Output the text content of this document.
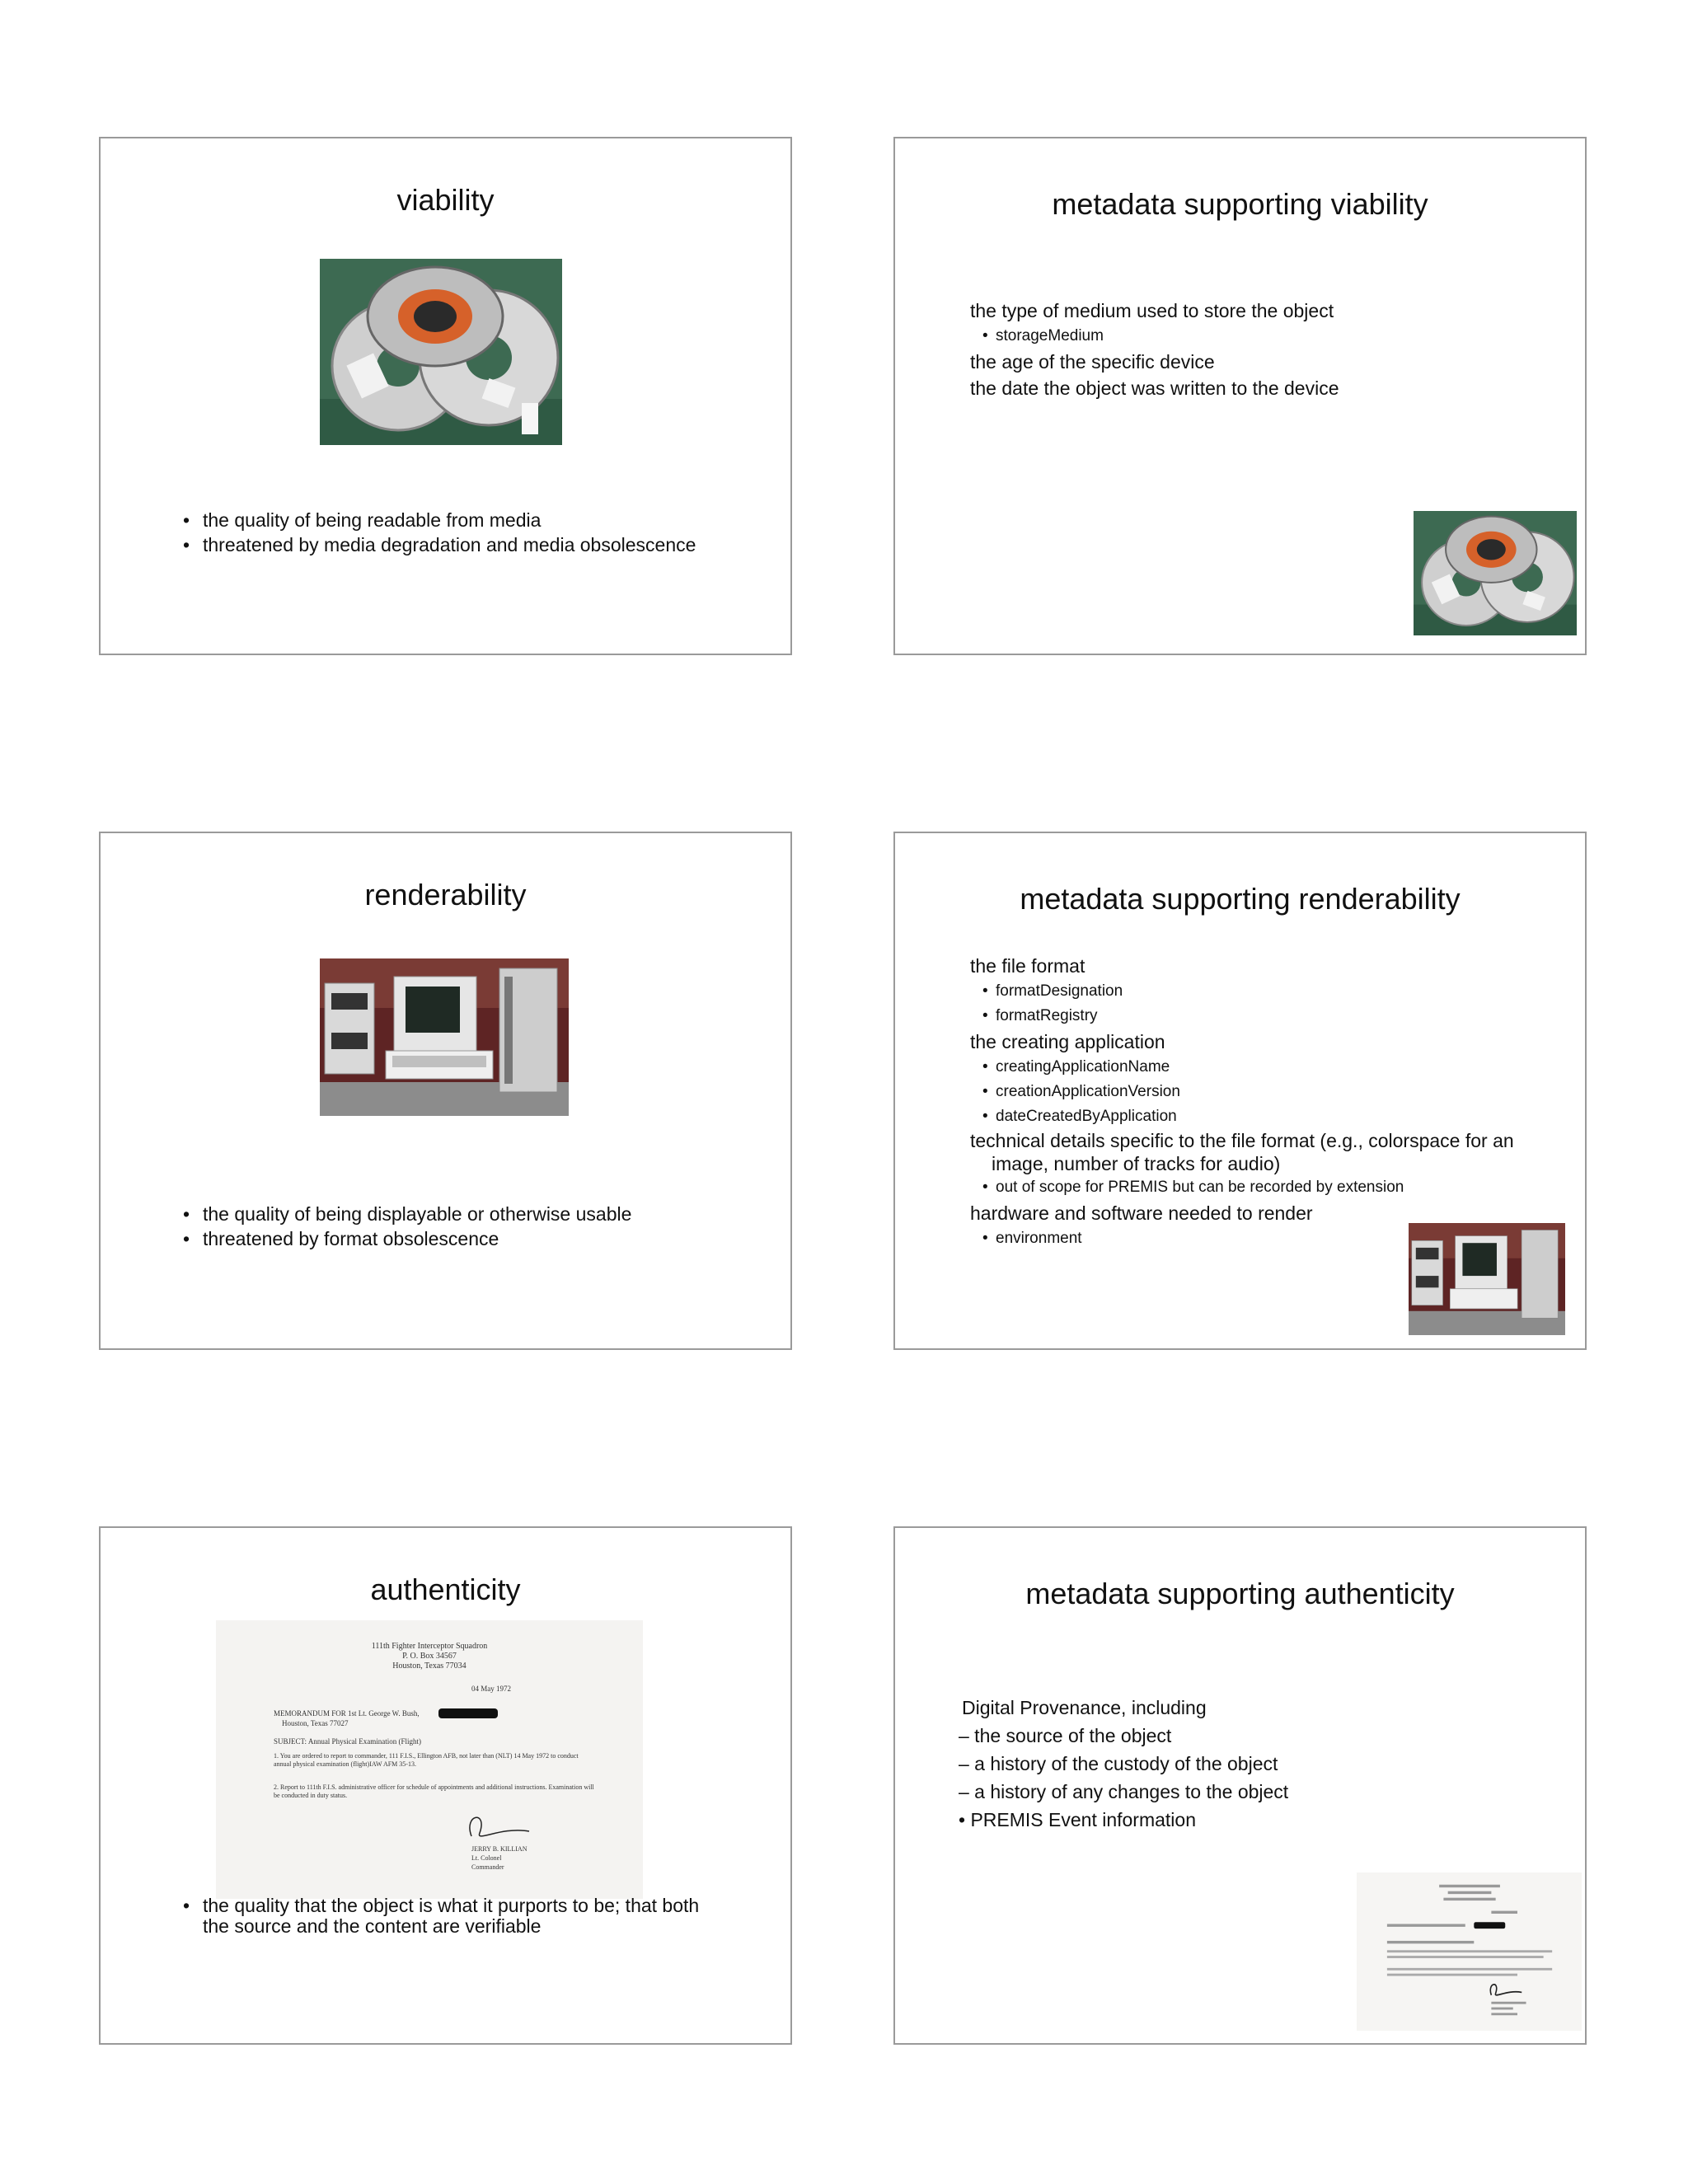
viability
• the quality of being readable from media
• threatened by media degradation and media obsolescence
metadata supporting viability
the type of medium used to store the object
• storageMedium
the age of the specific device
the date the object was written to the device
renderability
• the quality of being displayable or otherwise usable
• threatened by format obsolescence
metadata supporting renderability
the file format
• formatDesignation
• formatRegistry
the creating application
• creatingApplicationName
• creationApplicationVersion
• dateCreatedByApplication
technical details specific to the file format (e.g., colorspace for an image, number of tracks for audio)
• out of scope for PREMIS but can be recorded by extension
hardware and software needed to render
• environment
authenticity
111th Fighter Interceptor Squadron
P. O. Box 34567
Houston, Texas 77034
04 May 1972
MEMORANDUM FOR 1st Lt. George W. Bush,
Houston, Texas 77027
SUBJECT: Annual Physical Examination (Flight)
1. You are ordered to report to commander, 111 F.I.S., Ellington AFB, not later than (NLT) 14 May 1972 to conduct annual physical examination (flight)IAW AFM 35-13.
2. Report to 111th F.I.S. administrative officer for schedule of appointments and additional instructions. Examination will be conducted in duty status.
JERRY B. KILLIAN
Lt. Colonel
Commander
• the quality that the object is what it purports to be; that both the source and the content are verifiable
metadata supporting authenticity
Digital Provenance, including
– the source of the object
– a history of the custody of the object
– a history of any changes to the object
• PREMIS Event information
